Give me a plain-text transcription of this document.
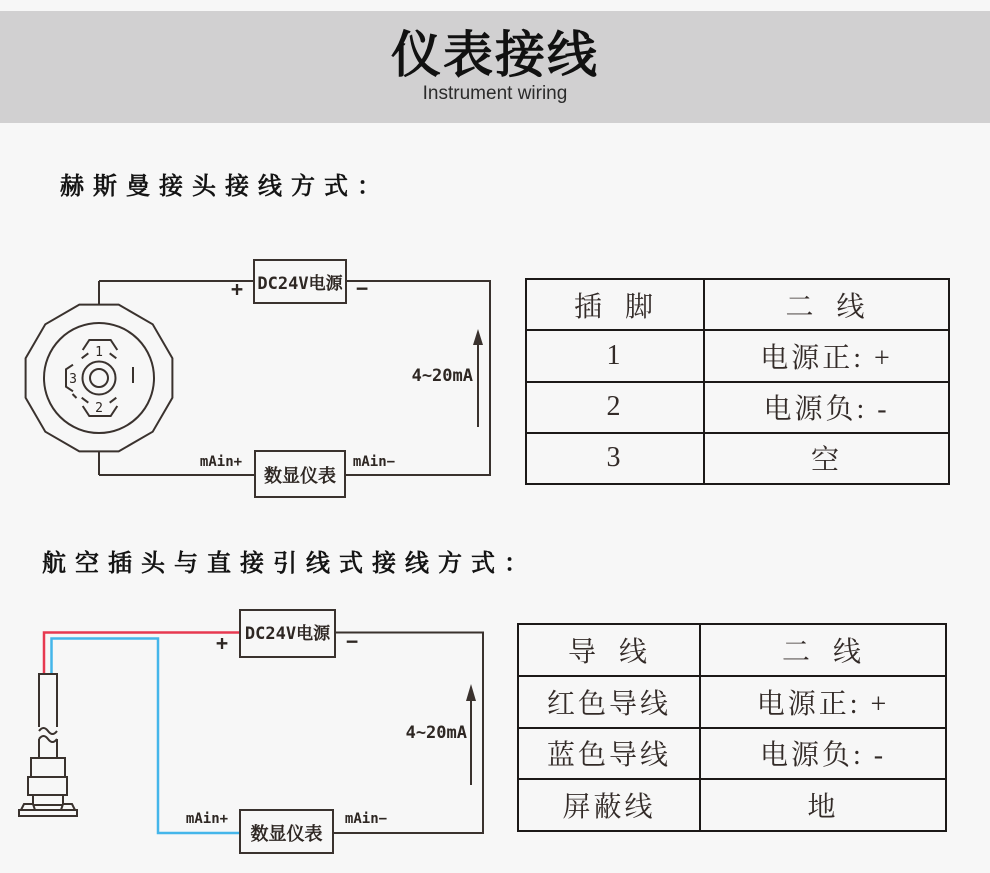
仪表接线
Instrument wiring
赫斯曼接头接线方式：
DC24V电源
+	−
4~20mA
数显仪表
mAin+	mAin−
1
2
3
插  脚	二  线
1	电源正: +
2	电源负: -
3	空
航空插头与直接引线式接线方式：
DC24V电源
+	−
4~20mA
数显仪表
mAin+	mAin−
导  线	二  线
红色导线	电源正: +
蓝色导线	电源负: -
屏蔽线	地
